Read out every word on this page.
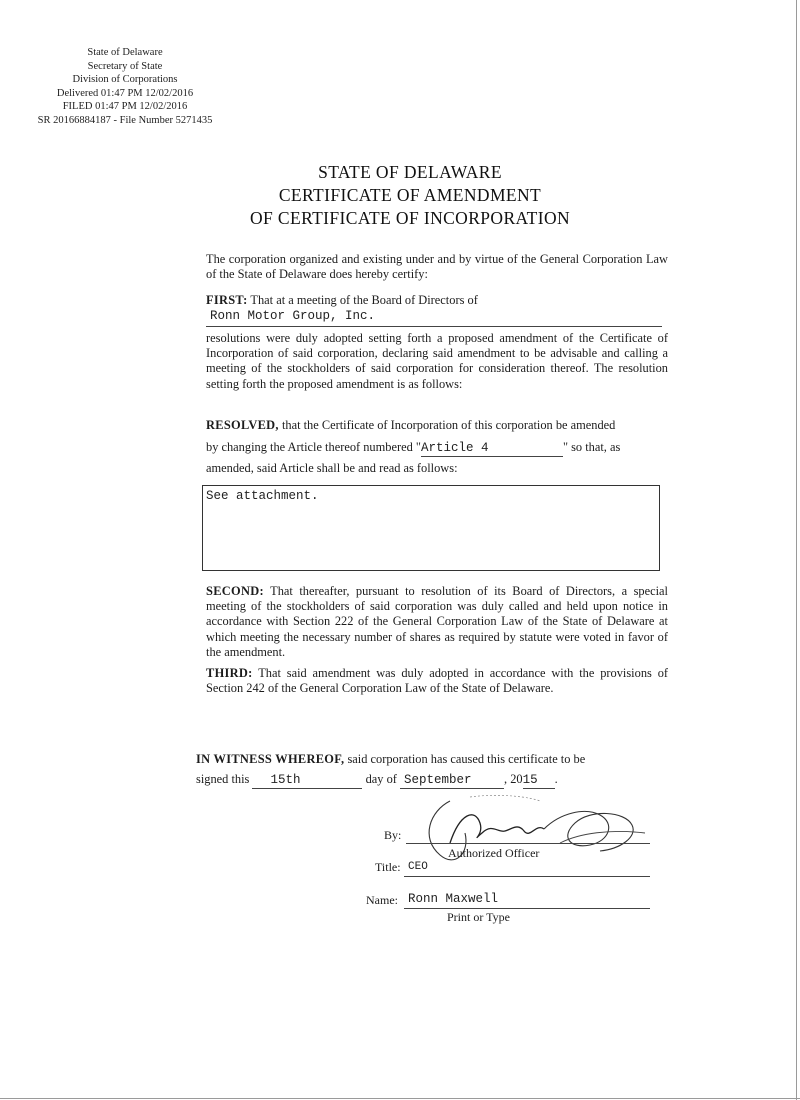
State of Delaware
Secretary of State
Division of Corporations
Delivered 01:47 PM 12/02/2016
FILED 01:47 PM 12/02/2016
SR 20166884187 - File Number 5271435
STATE OF DELAWARE
CERTIFICATE OF AMENDMENT
OF CERTIFICATE OF INCORPORATION
The corporation organized and existing under and by virtue of the General Corporation Law of the State of Delaware does hereby certify:
FIRST: That at a meeting of the Board of Directors of
Ronn Motor Group, Inc.
resolutions were duly adopted setting forth a proposed amendment of the Certificate of Incorporation of said corporation, declaring said amendment to be advisable and calling a meeting of the stockholders of said corporation for consideration thereof. The resolution setting forth the proposed amendment is as follows:
RESOLVED, that the Certificate of Incorporation of this corporation be amended
by changing the Article thereof numbered "Article 4	" so that, as
amended, said Article shall be and read as follows:
See attachment.
SECOND: That thereafter, pursuant to resolution of its Board of Directors, a special meeting of the stockholders of said corporation was duly called and held upon notice in accordance with Section 222 of the General Corporation Law of the State of Delaware at which meeting the necessary number of shares as required by statute were voted in favor of the amendment.
THIRD: That said amendment was duly adopted in accordance with the provisions of Section 242 of the General Corporation Law of the State of Delaware.
IN WITNESS WHEREOF, said corporation has caused this certificate to be
signed this 15th	day of September	, 2015 .
By:
Authorized Officer
Title: CEO
Name: Ronn Maxwell
Print or Type
